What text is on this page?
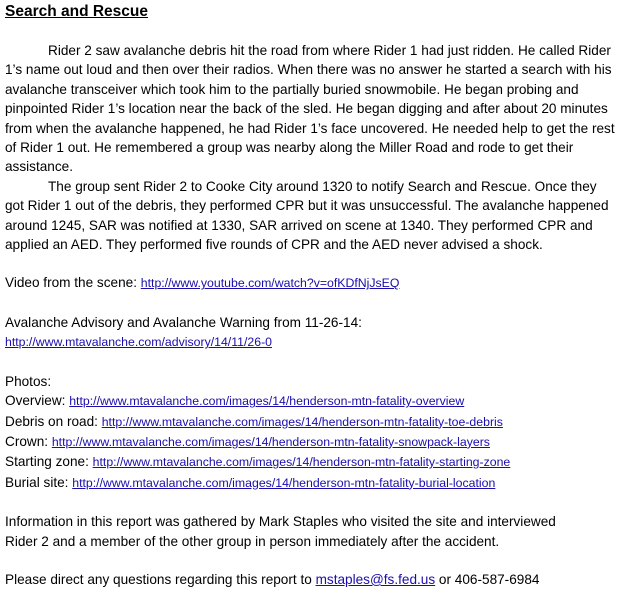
Search and Rescue

Rider 2 saw avalanche debris hit the road from where Rider 1 had just ridden. He called Rider 1’s name out loud and then over their radios. When there was no answer he started a search with his avalanche transceiver which took him to the partially buried snowmobile. He began probing and pinpointed Rider 1’s location near the back of the sled. He began digging and after about 20 minutes from when the avalanche happened, he had Rider 1’s face uncovered. He needed help to get the rest of Rider 1 out. He remembered a group was nearby along the Miller Road and rode to get their assistance.

The group sent Rider 2 to Cooke City around 1320 to notify Search and Rescue. Once they got Rider 1 out of the debris, they performed CPR but it was unsuccessful. The avalanche happened around 1245, SAR was notified at 1330, SAR arrived on scene at 1340. They performed CPR and applied an AED. They performed five rounds of CPR and the AED never advised a shock.

Video from the scene: http://www.youtube.com/watch?v=ofKDfNjJsEQ

Avalanche Advisory and Avalanche Warning from 11-26-14:

http://www.mtavalanche.com/advisory/14/11/26-0

Photos:

Overview: http://www.mtavalanche.com/images/14/henderson-mtn-fatality-overview

Debris on road: http://www.mtavalanche.com/images/14/henderson-mtn-fatality-toe-debris

Crown: http://www.mtavalanche.com/images/14/henderson-mtn-fatality-snowpack-layers

Starting zone: http://www.mtavalanche.com/images/14/henderson-mtn-fatality-starting-zone

Burial site: http://www.mtavalanche.com/images/14/henderson-mtn-fatality-burial-location

Information in this report was gathered by Mark Staples who visited the site and interviewed

Rider 2 and a member of the other group in person immediately after the accident.

Please direct any questions regarding this report to mstaples@fs.fed.us or 406-587-6984
